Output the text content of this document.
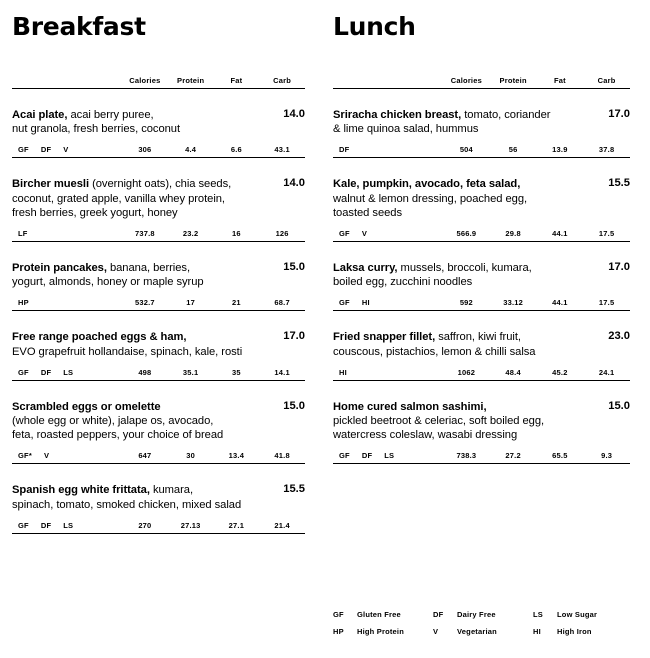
Breakfast
Calories	Protein	Fat	Carb
Acai plate, acai berry puree,
nut granola, fresh berries, coconut
14.0
GF DF V	306	4.4	6.6	43.1
Bircher muesli (overnight oats), chia seeds,
coconut, grated apple, vanilla whey protein,
fresh berries, greek yogurt, honey
14.0
LF	737.8	23.2	16	126
Protein pancakes, banana, berries,
yogurt, almonds, honey or maple syrup
15.0
HP	532.7	17	21	68.7
Free range poached eggs & ham,
EVO grapefruit hollandaise, spinach, kale, rosti
17.0
GF DF LS	498	35.1	35	14.1
Scrambled eggs or omelette
(whole egg or white), jalape os, avocado,
feta, roasted peppers, your choice of bread
15.0
GF* V	647	30	13.4	41.8
Spanish egg white frittata, kumara,
spinach, tomato, smoked chicken, mixed salad
15.5
GF DF LS	270	27.13	27.1	21.4
Lunch
Calories	Protein	Fat	Carb
Sriracha chicken breast, tomato, coriander
& lime quinoa salad, hummus
17.0
DF	504	56	13.9	37.8
Kale, pumpkin, avocado, feta salad,
walnut & lemon dressing, poached egg,
toasted seeds
15.5
GF V	566.9	29.8	44.1	17.5
Laksa curry, mussels, broccoli, kumara,
boiled egg, zucchini noodles
17.0
GF HI	592	33.12	44.1	17.5
Fried snapper fillet, saffron, kiwi fruit,
couscous, pistachios, lemon & chilli salsa
23.0
HI	1062	48.4	45.2	24.1
Home cured salmon sashimi,
pickled beetroot & celeriac, soft boiled egg,
watercress coleslaw, wasabi dressing
15.0
GF DF LS	738.3	27.2	65.5	9.3
GF	Gluten Free	DF	Dairy Free	LS	Low Sugar
HP	High Protein	V	Vegetarian	HI	High Iron
